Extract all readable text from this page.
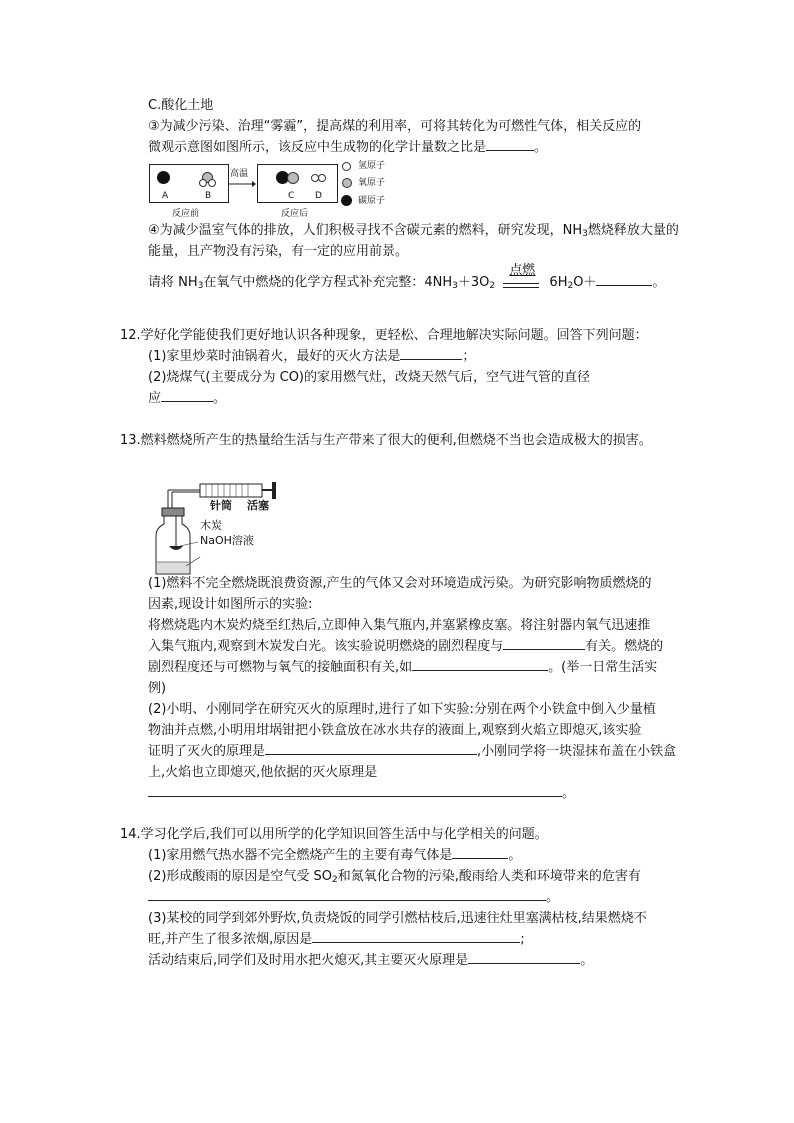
C.酸化土地
③为减少污染、治理“雾霾”，提高煤的利用率，可将其转化为可燃性气体，相关反应的
微观示意图如图所示，该反应中生成物的化学计量数之比是	。
A	B
高温
C D
反应前	反应后
氢原子
氧原子
碳原子
④为减少温室气体的排放，人们积极寻找不含碳元素的燃料，研究发现，$NH_3$燃烧释放大量的
能量，且产物没有污染，有一定的应用前景。
请将 $NH_3$在氧气中燃烧的化学方程式补充完整：$4NH_3+3O_2$
点燃
$6H_2O+$	。
12.学好化学能使我们更好地认识各种现象，更轻松、合理地解决实际问题。回答下列问题：
(1)家里炒菜时油锅着火，最好的灭火方法是	；
(2)烧煤气(主要成分为 CO)的家用燃气灶，改烧天然气后，空气进气管的直径
应	。
13.燃料燃烧所产生的热量给生活与生产带来了很大的便利,但燃烧不当也会造成极大的损害。
针筒 活塞
木炭
NaOH溶液
(1)燃料不完全燃烧既浪费资源,产生的气体又会对环境造成污染。为研究影响物质燃烧的
因素,现设计如图所示的实验:
将燃烧匙内木炭灼烧至红热后,立即伸入集气瓶内,并塞紧橡皮塞。将注射器内氧气迅速推
入集气瓶内,观察到木炭发白光。该实验说明燃烧的剧烈程度与	有关。燃烧的
剧烈程度还与可燃物与氧气的接触面积有关,如	。(举一日常生活实
例)
(2)小明、小刚同学在研究灭火的原理时,进行了如下实验:分别在两个小铁盒中倒入少量植
物油并点燃,小明用坩埚钳把小铁盒放在冰水共存的液面上,观察到火焰立即熄灭,该实验
证明了灭火的原理是	,小刚同学将一块湿抹布盖在小铁盒
上,火焰也立即熄灭,他依据的灭火原理是
。
14.学习化学后,我们可以用所学的化学知识回答生活中与化学相关的问题。
(1)家用燃气热水器不完全燃烧产生的主要有毒气体是	。
(2)形成酸雨的原因是空气受 $SO_2$和氮氧化合物的污染,酸雨给人类和环境带来的危害有
。
(3)某校的同学到郊外野炊,负责烧饭的同学引燃枯枝后,迅速往灶里塞满枯枝,结果燃烧不
旺,并产生了很多浓烟,原因是	;
活动结束后,同学们及时用水把火熄灭,其主要灭火原理是	。
